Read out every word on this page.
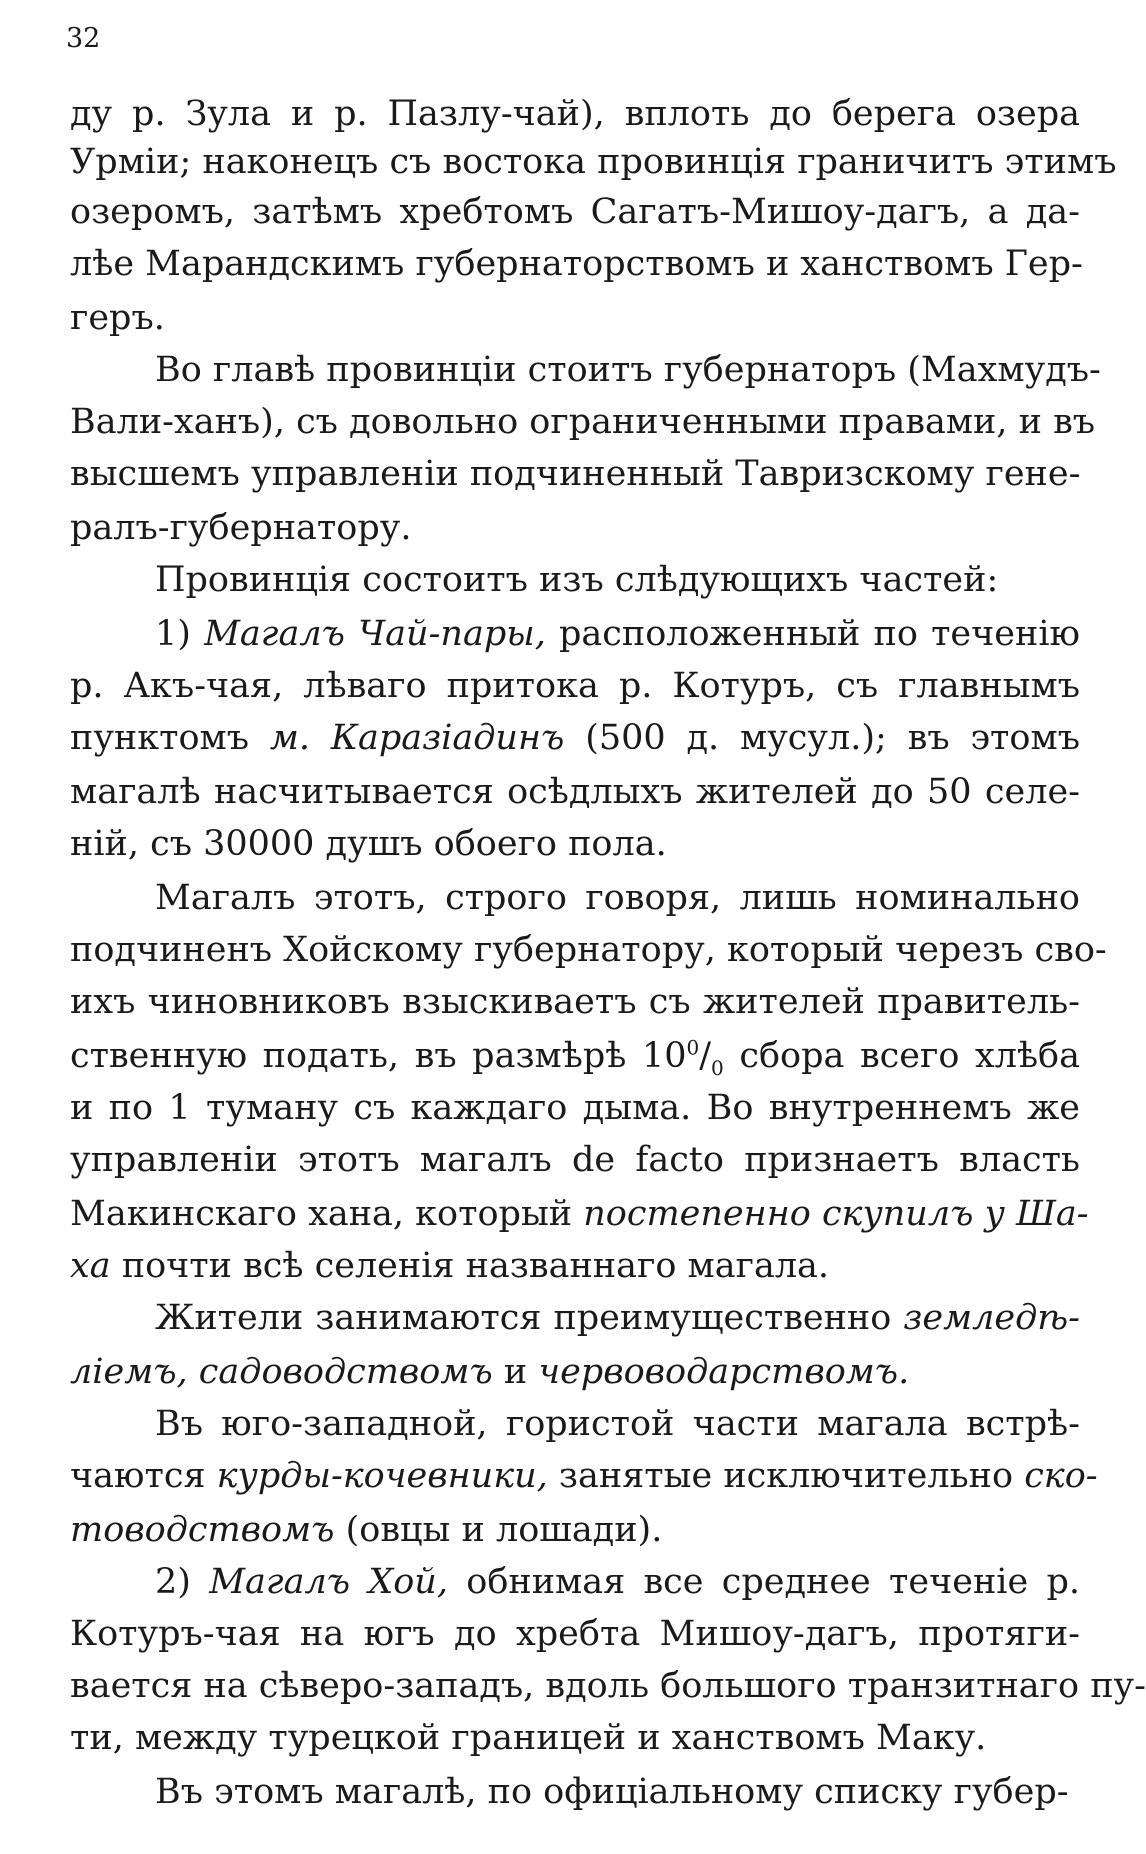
32
ду р. Зула и р. Пазлу-чай), вплоть до берега озера
Урміи; наконецъ съ востока провинція граничитъ этимъ
озеромъ, затѣмъ хребтомъ Сагатъ-Мишоу-дагъ, а да-
лѣе Марандскимъ губернаторствомъ и ханствомъ Гер-
геръ.
Во главѣ провинціи стоитъ губернаторъ (Махмудъ-
Вали-ханъ), съ довольно ограниченными правами, и въ
высшемъ управленіи подчиненный Тавризскому гене-
ралъ-губернатору.
Провинція состоитъ изъ слѣдующихъ частей:
1) Магалъ Чай-пары, расположенный по теченію
р. Акъ-чая, лѣваго притока р. Котуръ, съ главнымъ
пунктомъ м. Каразіадинъ (500 д. мусул.); въ этомъ
магалѣ насчитывается осѣдлыхъ жителей до 50 селе-
ній, съ 30000 душъ обоего пола.
Магалъ этотъ, строго говоря, лишь номинально
подчиненъ Хойскому губернатору, который черезъ сво-
ихъ чиновниковъ взыскиваетъ съ жителей правитель-
ственную подать, въ размѣрѣ $10^0/_0$ сбора всего хлѣба
и по 1 туману съ каждаго дыма. Во внутреннемъ же
управленіи этотъ магалъ de facto признаетъ власть
Макинскаго хана, который постепенно скупилъ у Ша-
ха почти всѣ селенія названнаго магала.
Жители занимаются преимущественно земледѣ-
ліемъ, садоводствомъ и червоводарствомъ.
Въ юго-западной, гористой части магала встрѣ-
чаются курды-кочевники, занятые исключительно ско-
товодствомъ (овцы и лошади).
2) Магалъ Хой, обнимая все среднее теченіе р.
Котуръ-чая на югъ до хребта Мишоу-дагъ, протяги-
вается на сѣверо-западъ, вдоль большого транзитнаго пу-
ти, между турецкой границей и ханствомъ Маку.
Въ этомъ магалѣ, по офиціальному списку губер-
